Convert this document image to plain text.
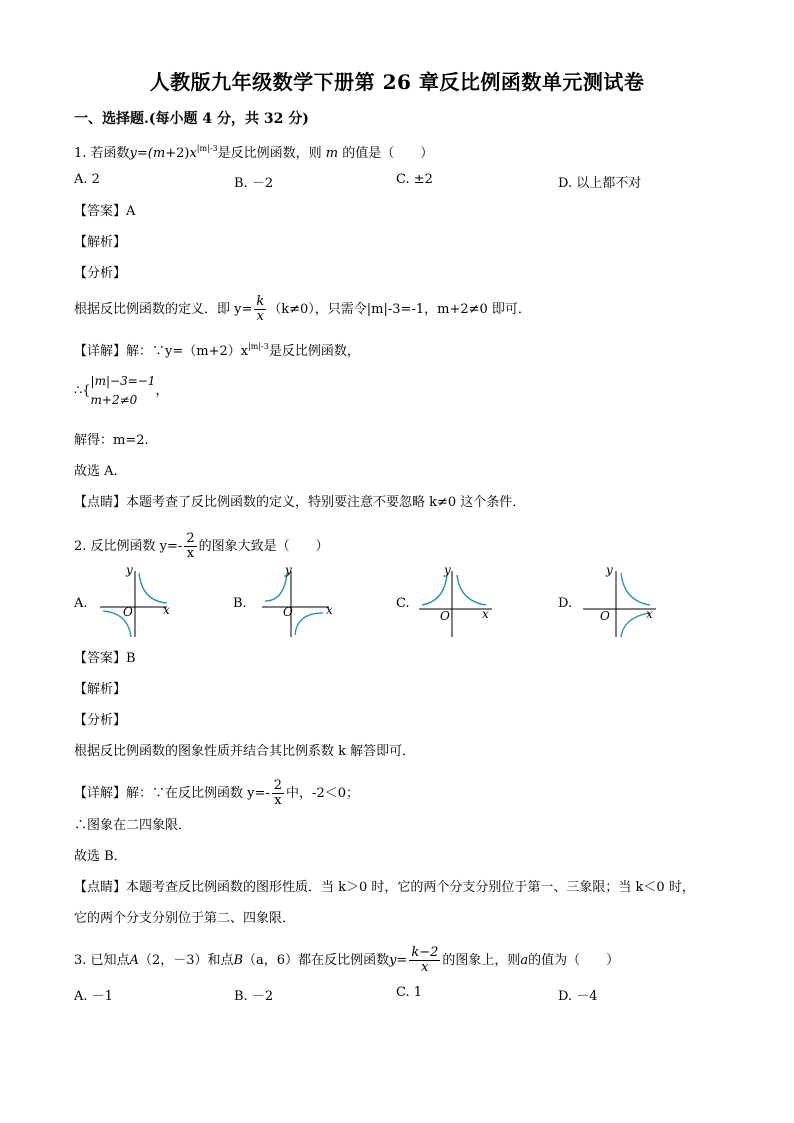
人教版九年级数学下册第 26 章反比例函数单元测试卷
一、选择题.(每小题 4 分，共 32 分)
1. 若函数$y=(m+2)x^{|m|-3}$是反比例函数，则 m 的值是（　　）
A. 2	B. －2	C. ±2	D. 以上都不对
【答案】A
【解析】
【分析】
根据反比例函数的定义．即 $y= \frac{k}{x} (k\ne 0)$，只需令|m|-3=-1，m+2≠0 即可．
【详解】解：$\because y=(m+2)x^{|m|-3}$是反比例函数，
∴{
|m|−3=−1
m+2≠0
，
解得：m=2.
故选 A.
【点睛】本题考查了反比例函数的定义，特别要注意不要忽略 k≠0 这个条件．
2. 反比例函数 $y=- \frac{2}{x}$ 的图象大致是（　　）
A.
y
x
O
B.
y
x
O
C.
y
x
O
D.
y
x
O
【答案】B
【解析】
【分析】
根据反比例函数的图象性质并结合其比例系数 k 解答即可．
【详解】解：∵在反比例函数 $y=- \frac{2}{x}$ 中，-2＜0；
∴图象在二四象限．
故选 B．
【点睛】本题考查反比例函数的图形性质．当 k＞0 时，它的两个分支分别位于第一、三象限；当 k＜0 时，
它的两个分支分别位于第二、四象限．
3. 已知点A（2，－3）和点B（a，6）都在反比例函数$y= \frac{k-2}{x}$ 的图象上，则a的值为（　　）
A. －1	B. －2	C. 1	D. －4
